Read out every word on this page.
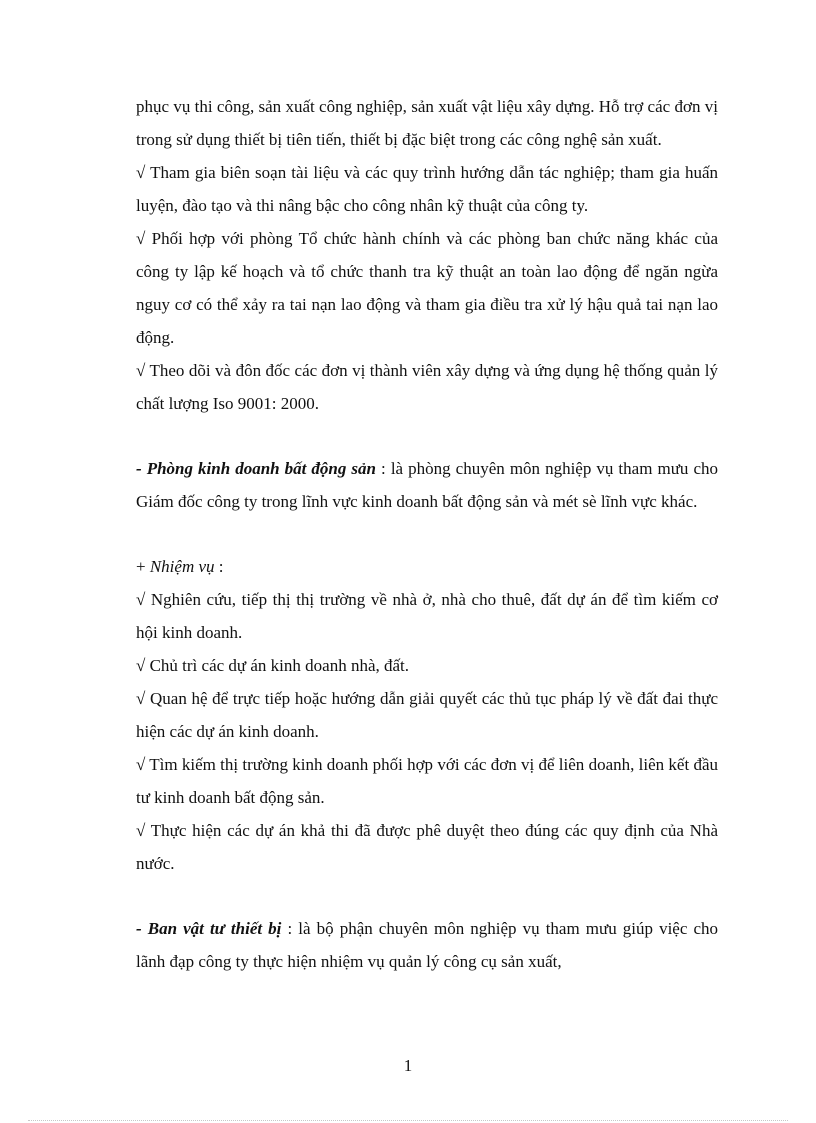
phục vụ thi công, sản xuất công nghiệp, sản xuất vật liệu xây dựng. Hỗ trợ các đơn vị trong sử dụng thiết bị tiên tiến, thiết bị đặc biệt trong các công nghệ sản xuất.

√ Tham gia biên soạn tài liệu và các quy trình hướng dẫn tác nghiệp; tham gia huấn luyện, đào tạo và thi nâng bậc cho công nhân kỹ thuật của công ty.

√ Phối hợp với phòng Tổ chức hành chính và các phòng ban chức năng khác của công ty lập kế hoạch và tổ chức thanh tra kỹ thuật an toàn lao động để ngăn ngừa nguy cơ có thể xảy ra tai nạn lao động và tham gia điều tra xử lý hậu quả tai nạn lao động.

√ Theo dõi và đôn đốc các đơn vị thành viên xây dựng và ứng dụng hệ thống quản lý chất lượng Iso 9001: 2000.

- Phòng kinh doanh bất động sản : là phòng chuyên môn nghiệp vụ tham mưu cho Giám đốc công ty trong lĩnh vực kinh doanh bất động sản và mét sè lĩnh vực khác.

+ Nhiệm vụ :

√ Nghiên cứu, tiếp thị thị trường về nhà ở, nhà cho thuê, đất dự án để tìm kiếm cơ hội kinh doanh.

√ Chủ trì các dự án kinh doanh nhà, đất.

√ Quan hệ để trực tiếp hoặc hướng dẫn giải quyết các thủ tục pháp lý về đất đai thực hiện các dự án kinh doanh.

√ Tìm kiếm thị trường kinh doanh phối hợp với các đơn vị để liên doanh, liên kết đầu tư kinh doanh bất động sản.

√ Thực hiện các dự án khả thi đã được phê duyệt theo đúng các quy định của Nhà nước.

- Ban vật tư thiết bị : là bộ phận chuyên môn nghiệp vụ tham mưu giúp việc cho lãnh đạp công ty thực hiện nhiệm vụ quản lý công cụ sản xuất,

1
